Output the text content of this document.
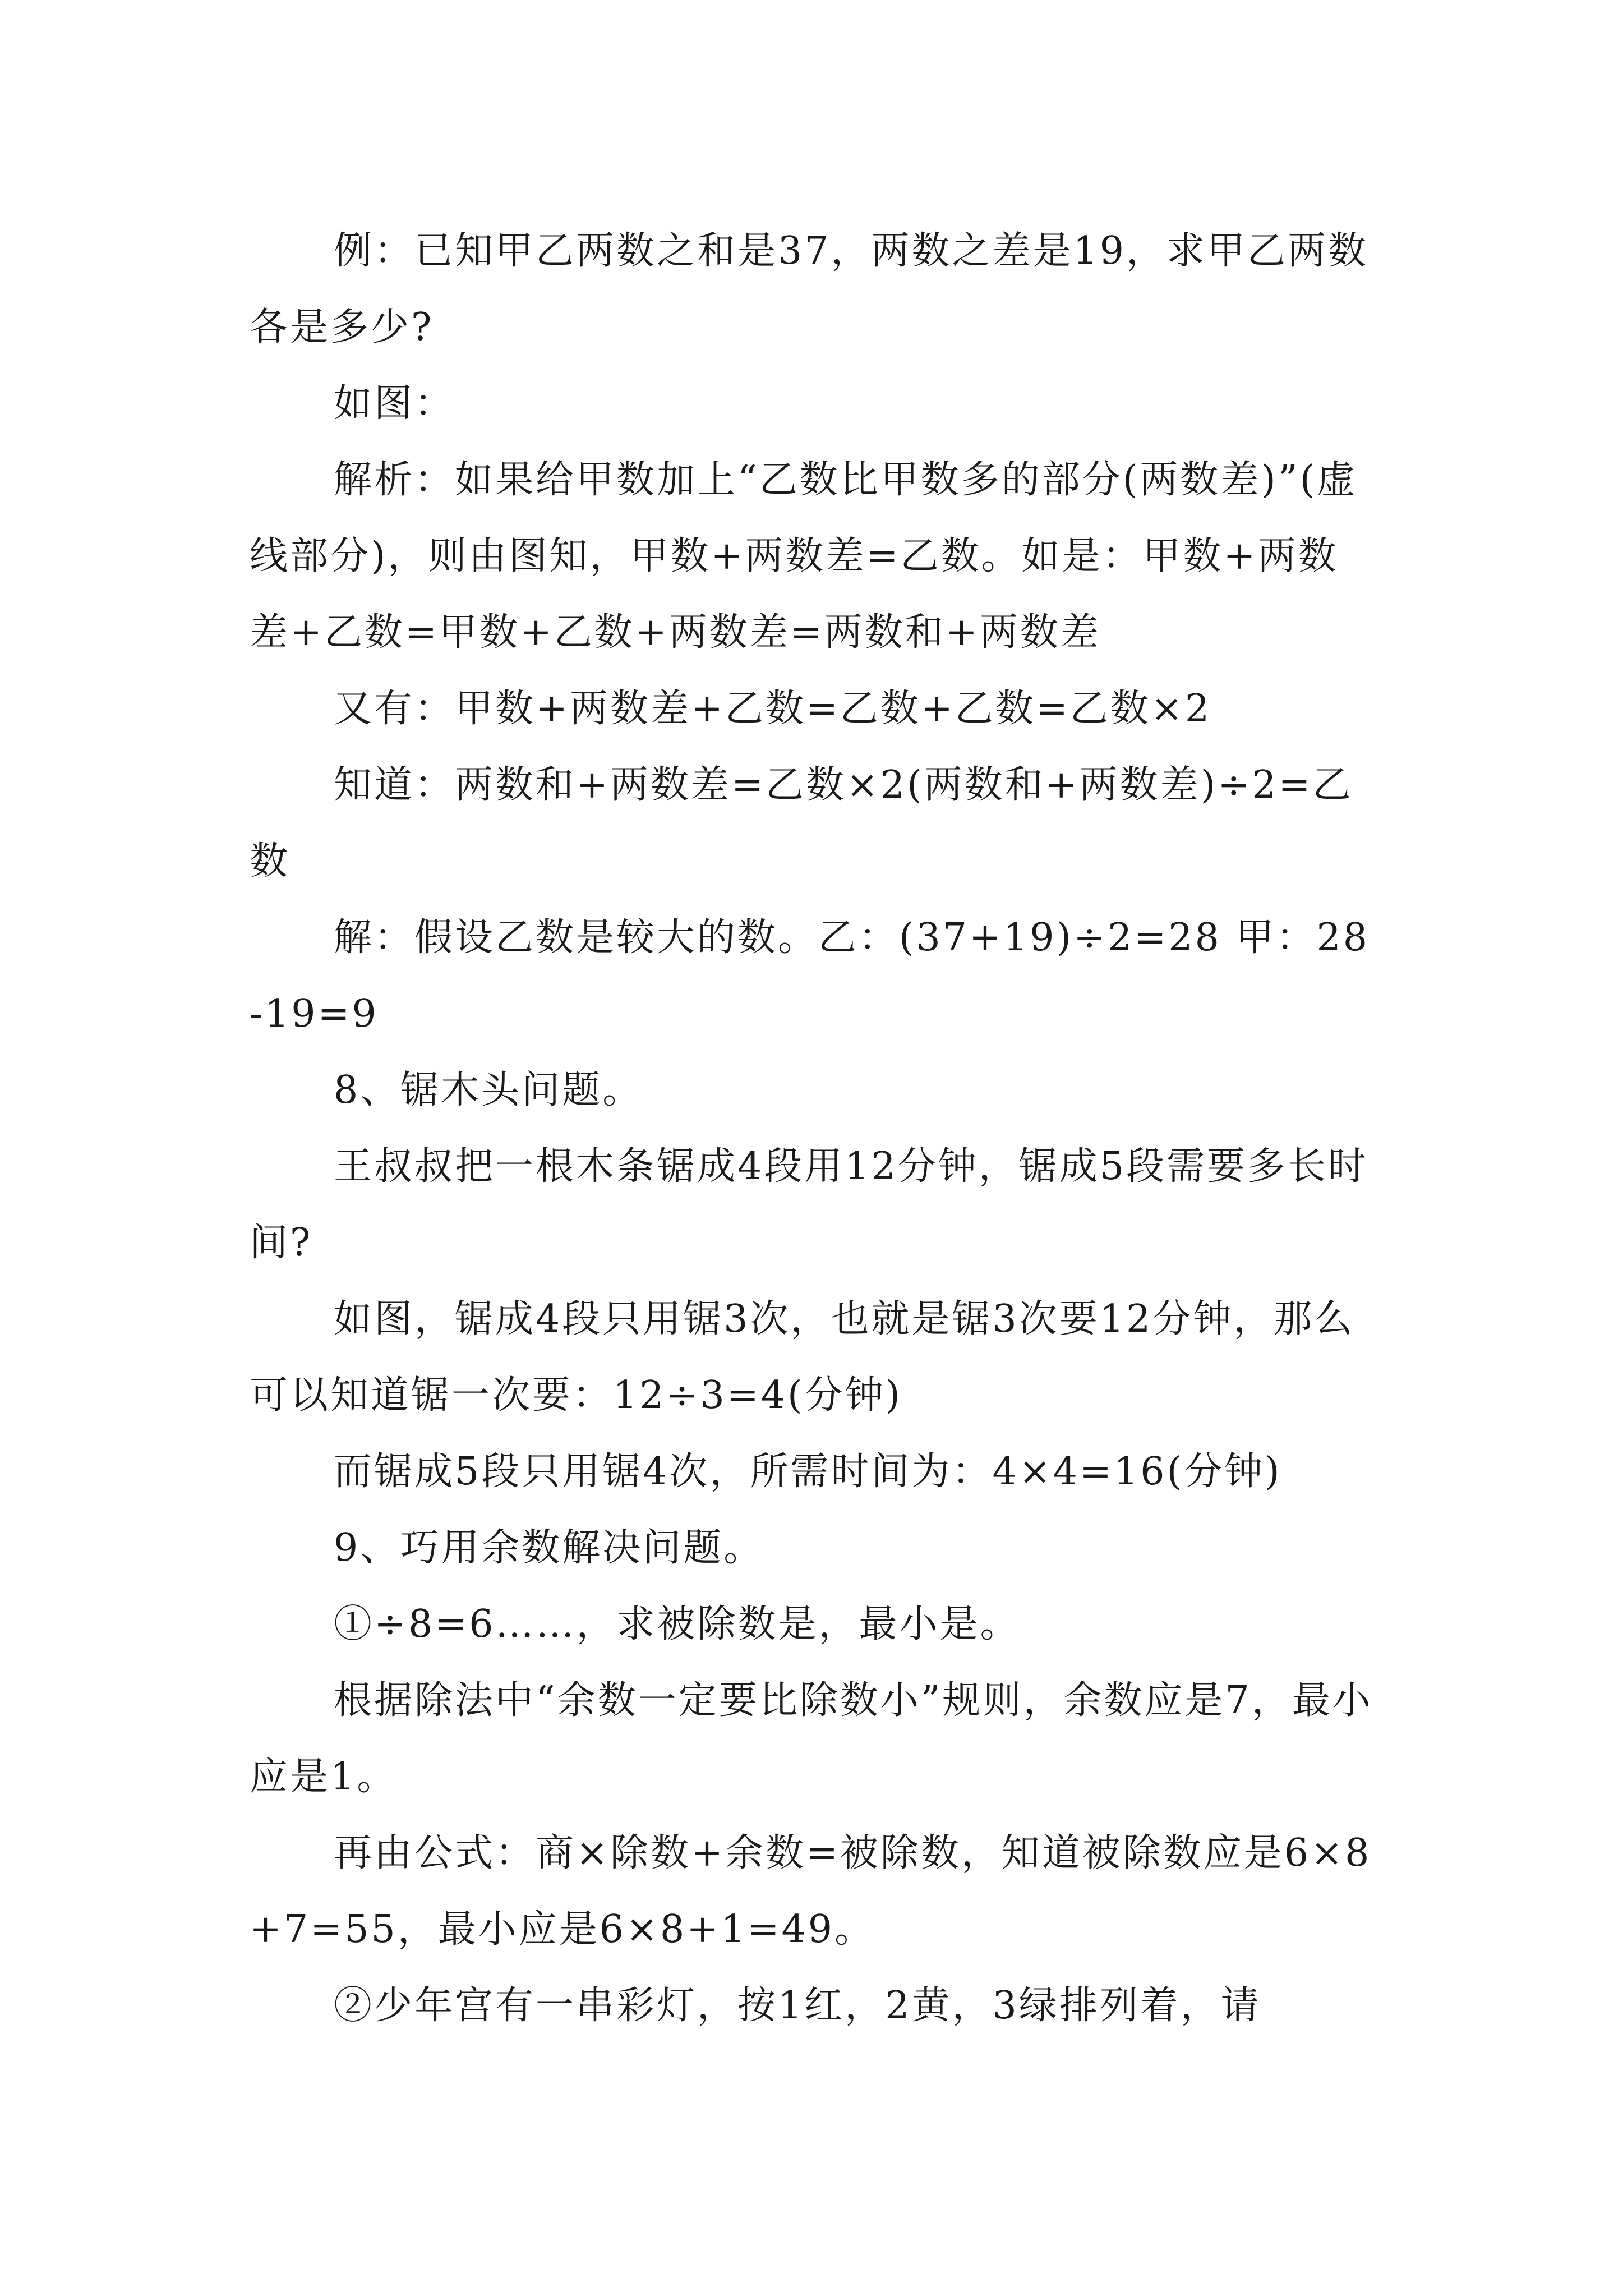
例：已知甲乙两数之和是37，两数之差是19，求甲乙两数各是多少?

如图：

解析：如果给甲数加上“乙数比甲数多的部分(两数差)”(虚线部分)，则由图知，甲数+两数差=乙数。如是：甲数+两数差+乙数=甲数+乙数+两数差=两数和+两数差

又有：甲数+两数差+乙数=乙数+乙数=乙数×2

知道：两数和+两数差=乙数×2(两数和+两数差)÷2=乙数

解：假设乙数是较大的数。乙：(37+19)÷2=28 甲：28-19=9

8、锯木头问题。

王叔叔把一根木条锯成4段用12分钟，锯成5段需要多长时间?

如图，锯成4段只用锯3次，也就是锯3次要12分钟，那么可以知道锯一次要：12÷3=4(分钟)

而锯成5段只用锯4次，所需时间为：4×4=16(分钟)

9、巧用余数解决问题。

①÷8=6……，求被除数是，最小是。

根据除法中“余数一定要比除数小”规则，余数应是7，最小应是1。

再由公式：商×除数+余数=被除数，知道被除数应是6×8+7=55，最小应是6×8+1=49。

②少年宫有一串彩灯，按1红，2黄，3绿排列着，请
